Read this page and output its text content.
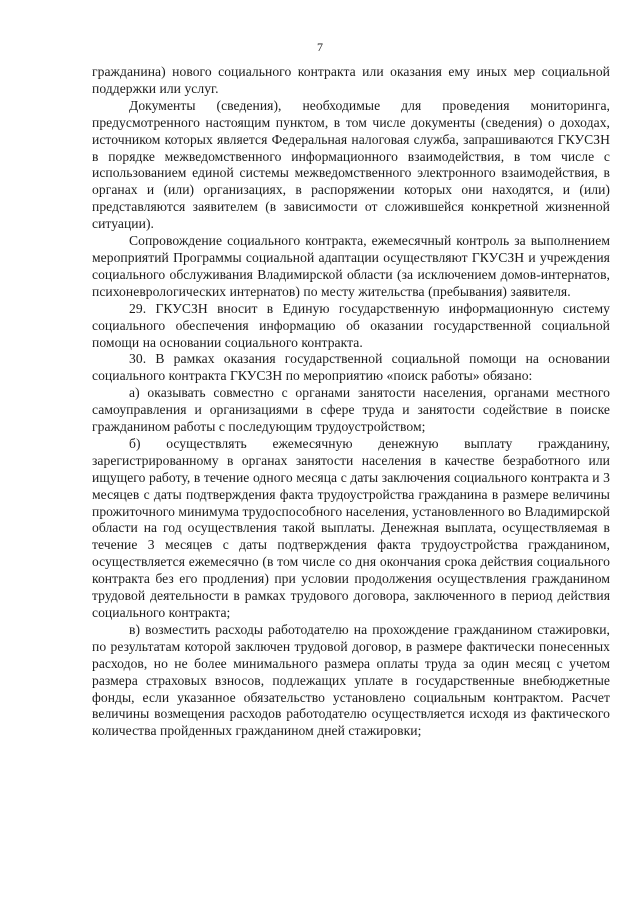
7

гражданина) нового социального контракта или оказания ему иных мер социальной поддержки или услуг.

Документы (сведения), необходимые для проведения мониторинга, предусмотренного настоящим пунктом, в том числе документы (сведения) о доходах, источником которых является Федеральная налоговая служба, запрашиваются ГКУСЗН в порядке межведомственного информационного взаимодействия, в том числе с использованием единой системы межведомственного электронного взаимодействия, в органах и (или) организациях, в распоряжении которых они находятся, и (или) представляются заявителем (в зависимости от сложившейся конкретной жизненной ситуации).

Сопровождение социального контракта, ежемесячный контроль за выполнением мероприятий Программы социальной адаптации осуществляют ГКУСЗН и учреждения социального обслуживания Владимирской области (за исключением домов-интернатов, психоневрологических интернатов) по месту жительства (пребывания) заявителя.

29. ГКУСЗН вносит в Единую государственную информационную систему социального обеспечения информацию об оказании государственной социальной помощи на основании социального контракта.

30. В рамках оказания государственной социальной помощи на основании социального контракта ГКУСЗН по мероприятию «поиск работы» обязано:

а) оказывать совместно с органами занятости населения, органами местного самоуправления и организациями в сфере труда и занятости содействие в поиске гражданином работы с последующим трудоустройством;

б) осуществлять ежемесячную денежную выплату гражданину, зарегистрированному в органах занятости населения в качестве безработного или ищущего работу, в течение одного месяца с даты заключения социального контракта и 3 месяцев с даты подтверждения факта трудоустройства гражданина в размере величины прожиточного минимума трудоспособного населения, установленного во Владимирской области на год осуществления такой выплаты. Денежная выплата, осуществляемая в течение 3 месяцев с даты подтверждения факта трудоустройства гражданином, осуществляется ежемесячно (в том числе со дня окончания срока действия социального контракта без его продления) при условии продолжения осуществления гражданином трудовой деятельности в рамках трудового договора, заключенного в период действия социального контракта;

в) возместить расходы работодателю на прохождение гражданином стажировки, по результатам которой заключен трудовой договор, в размере фактически понесенных расходов, но не более минимального размера оплаты труда за один месяц с учетом размера страховых взносов, подлежащих уплате в государственные внебюджетные фонды, если указанное обязательство установлено социальным контрактом. Расчет величины возмещения расходов работодателю осуществляется исходя из фактического количества пройденных гражданином дней стажировки;
